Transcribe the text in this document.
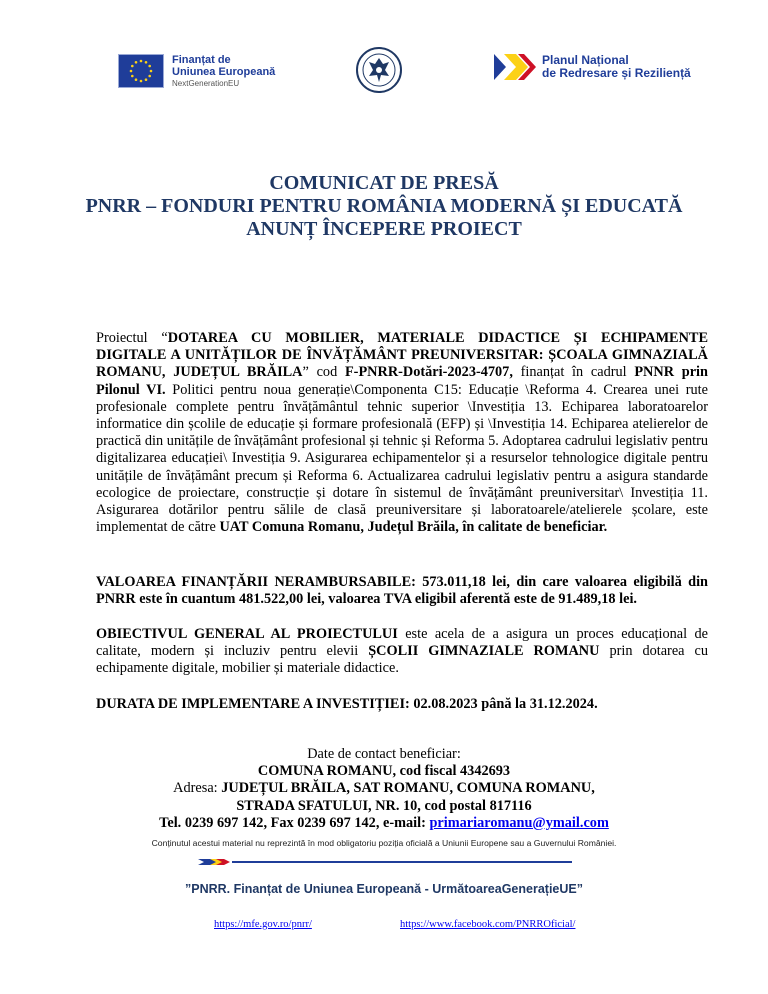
Finanțat de
Uniunea Europeană
NextGenerationEU
Planul Național
de Redresare și Reziliență
COMUNICAT DE PRESĂ
PNRR – FONDURI PENTRU ROMÂNIA MODERNĂ ȘI EDUCATĂ
ANUNȚ ÎNCEPERE PROIECT
Proiectul “DOTAREA CU MOBILIER, MATERIALE DIDACTICE ȘI ECHIPAMENTE DIGITALE A UNITĂȚILOR DE ÎNVĂȚĂMÂNT PREUNIVERSITAR: ȘCOALA GIMNAZIALĂ ROMANU, JUDEȚUL BRĂILA” cod F-PNRR-Dotări-2023-4707, finanțat în cadrul PNNR prin Pilonul VI. Politici pentru noua generație\Componenta C15: Educație \Reforma 4. Crearea unei rute profesionale complete pentru învățământul tehnic superior \Investiția 13. Echiparea laboratoarelor informatice din școlile de educație și formare profesională (EFP) și \Investiția 14. Echiparea atelierelor de practică din unitățile de învățământ profesional și tehnic și Reforma 5. Adoptarea cadrului legislativ pentru digitalizarea educației\ Investiția 9. Asigurarea echipamentelor și a resurselor tehnologice digitale pentru unitățile de învățământ precum și Reforma 6. Actualizarea cadrului legislativ pentru a asigura standarde ecologice de proiectare, construcție și dotare în sistemul de învățământ preuniversitar\ Investiția 11. Asigurarea dotărilor pentru sălile de clasă preuniversitare și laboratoarele/atelierele școlare, este implementat de către UAT Comuna Romanu, Județul Brăila, în calitate de beneficiar.
VALOAREA FINANȚĂRII NERAMBURSABILE: 573.011,18 lei, din care valoarea eligibilă din PNRR este în cuantum 481.522,00 lei, valoarea TVA eligibil aferentă este de 91.489,18 lei.
OBIECTIVUL GENERAL AL PROIECTULUI este acela de a asigura un proces educațional de calitate, modern și incluziv pentru elevii ȘCOLII GIMNAZIALE ROMANU prin dotarea cu echipamente digitale, mobilier și materiale didactice.
DURATA DE IMPLEMENTARE A INVESTIȚIEI: 02.08.2023 până la 31.12.2024.
Date de contact beneficiar:
COMUNA ROMANU, cod fiscal 4342693
Adresa: JUDEȚUL BRĂILA, SAT ROMANU, COMUNA ROMANU,
STRADA SFATULUI, NR. 10, cod postal 817116
Tel. 0239 697 142, Fax 0239 697 142, e-mail: primariaromanu@ymail.com
Conținutul acestui material nu reprezintă în mod obligatoriu poziția oficială a Uniunii Europene sau a Guvernului României.
”PNRR. Finanțat de Uniunea Europeană - UrmătoareaGenerațieUE”
https://mfe.gov.ro/pnrr/	https://www.facebook.com/PNRROficial/
